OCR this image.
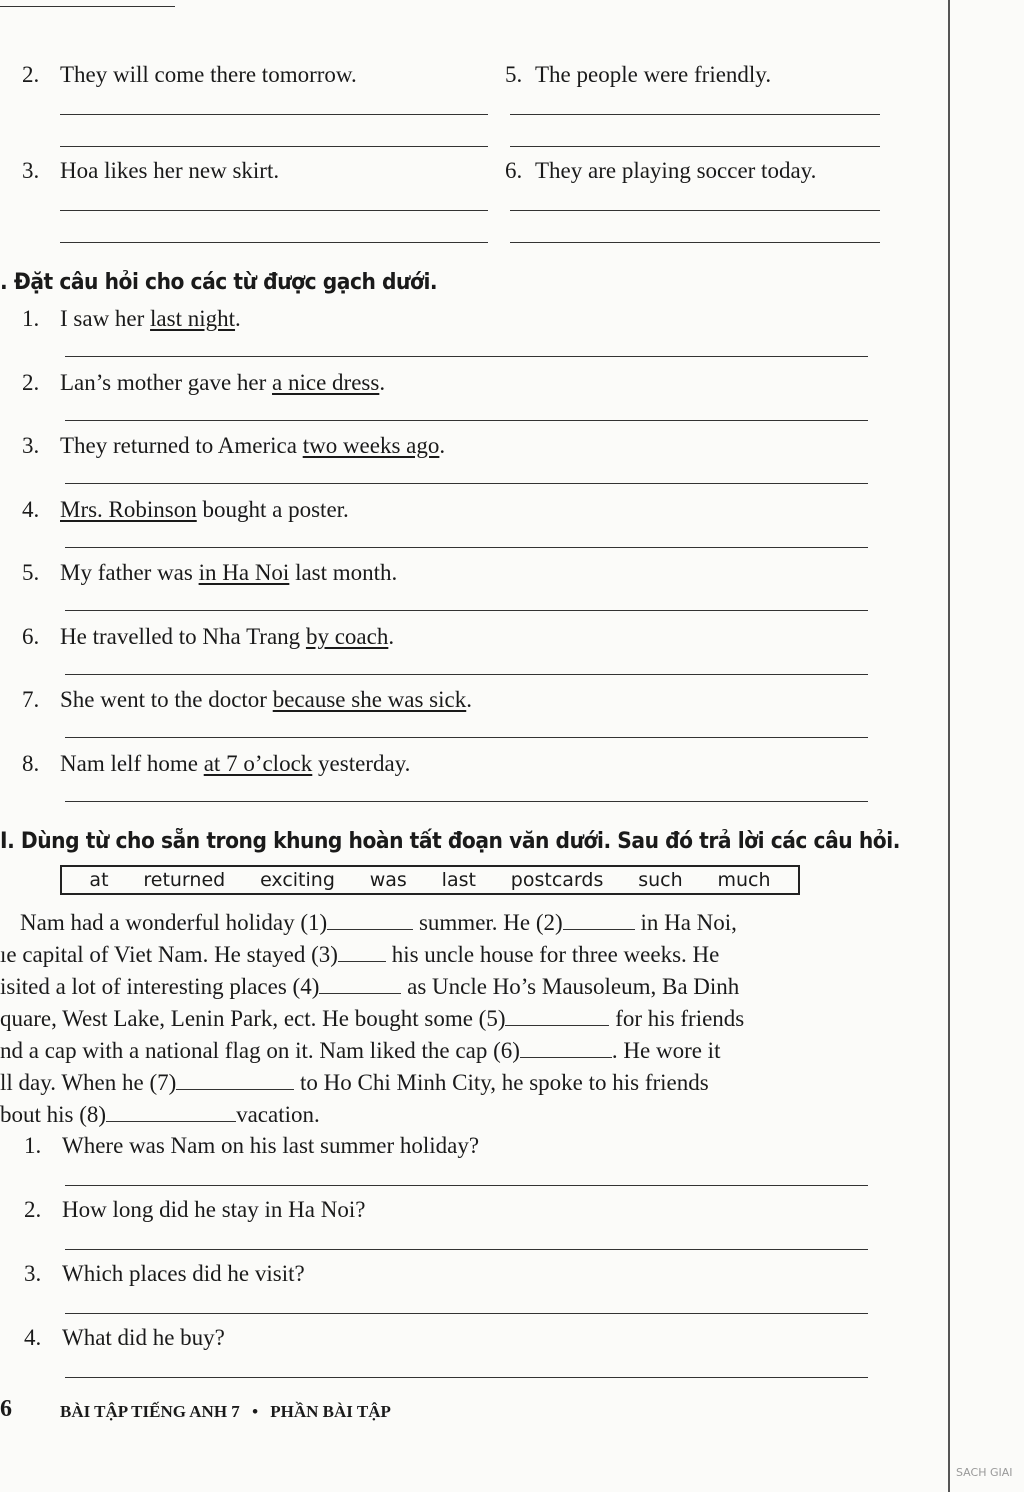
2. They will come there tomorrow.	5. The people were friendly.
3. Hoa likes her new skirt.	6. They are playing soccer today.
. Đặt câu hỏi cho các từ được gạch dưới.
1. I saw her last night.
2. Lan’s mother gave her a nice dress.
3. They returned to America two weeks ago.
4. Mrs. Robinson bought a poster.
5. My father was in Ha Noi last month.
6. He travelled to Nha Trang by coach.
7. She went to the doctor because she was sick.
8. Nam lelf home at 7 o’clock yesterday.
I. Dùng từ cho sẵn trong khung hoàn tất đoạn văn dưới. Sau đó trả lời các câu hỏi.
at returned exciting was last postcards such much
Nam had a wonderful holiday (1)	summer. He (2)	in Ha Noi,
ıe capital of Viet Nam. He stayed (3) his uncle house for three weeks. He
isited a lot of interesting places (4)	as Uncle Ho’s Mausoleum, Ba Dinh
quare, West Lake, Lenin Park, ect. He bought some (5)	for his friends
nd a cap with a national flag on it. Nam liked the cap (6)	. He wore it
ll day. When he (7)	to Ho Chi Minh City, he spoke to his friends
bout his (8)	vacation.
1. Where was Nam on his last summer holiday?
2. How long did he stay in Ha Noi?
3. Which places did he visit?
4. What did he buy?
6	BÀI TẬP TIẾNG ANH 7 • PHẦN BÀI TẬP
SACH GIAI
